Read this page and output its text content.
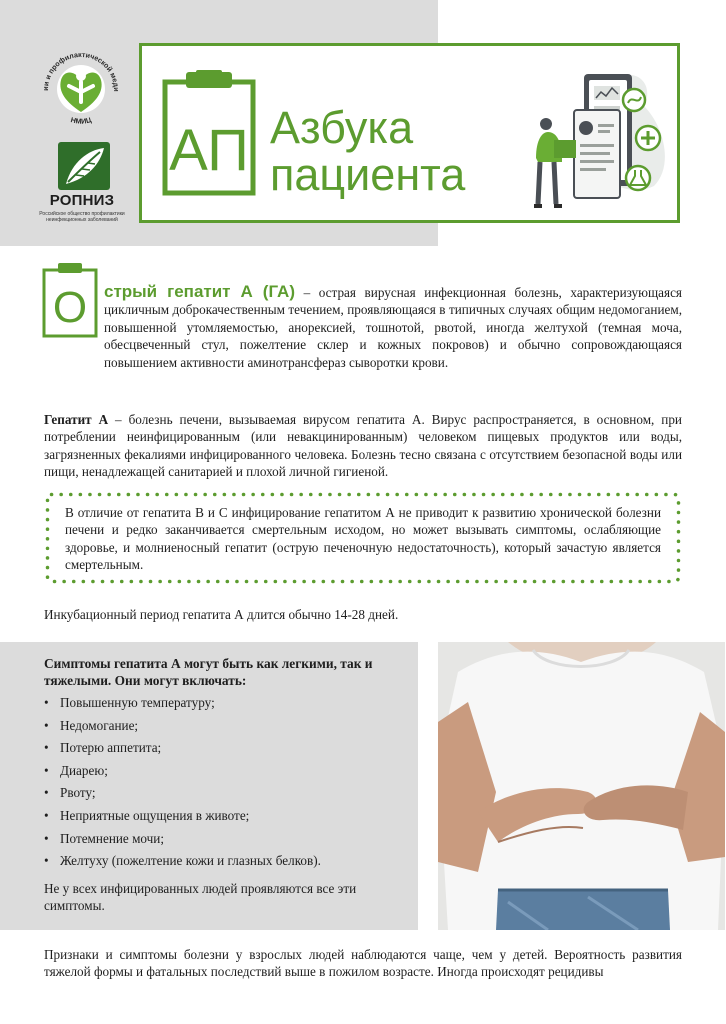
ии и профилактической меди
НМИЦ
РОПНИЗ
Российское общество профилактики неинфекционных заболеваний
АП Азбука
пациента
О стрый гепатит А (ГА) – острая вирусная инфекционная болезнь, характеризующаяся цикличным доброкачественным течением, проявляющаяся в типичных случаях общим недомоганием, повышенной утомляемостью, анорексией, тошнотой, рвотой, иногда желтухой (темная моча, обесцвеченный стул, пожелтение склер и кожных покровов) и обычно сопровождающаяся повышением активности аминотрансфераз сыворотки крови.

Гепатит А – болезнь печени, вызываемая вирусом гепатита А. Вирус распространяется, в основном, при потреблении неинфицированным (или невакцинированным) человеком пищевых продуктов или воды, загрязненных фекалиями инфицированного человека. Болезнь тесно связана с отсутствием безопасной воды или пищи, ненадлежащей санитарией и плохой личной гигиеной.

В отличие от гепатита В и С инфицирование гепатитом А не приводит к развитию хронической болезни печени и редко заканчивается смертельным исходом, но может вызывать симптомы, ослабляющие здоровье, и молниеносный гепатит (острую печеночную недостаточность), который зачастую является смертельным.

Инкубационный период гепатита А длится обычно 14-28 дней.

Симптомы гепатита А могут быть как легкими, так и тяжелыми. Они могут включать:

• Повышенную температуру;
• Недомогание;
• Потерю аппетита;
• Диарею;
• Рвоту;
• Неприятные ощущения в животе;
• Потемнение мочи;
• Желтуху (пожелтение кожи и глазных белков).

Не у всех инфицированных людей проявляются все эти симптомы.

Признаки и симптомы болезни у взрослых людей наблюдаются чаще, чем у детей. Вероятность развития тяжелой формы и фатальных последствий выше в пожилом возрасте. Иногда происходят рецидивы
